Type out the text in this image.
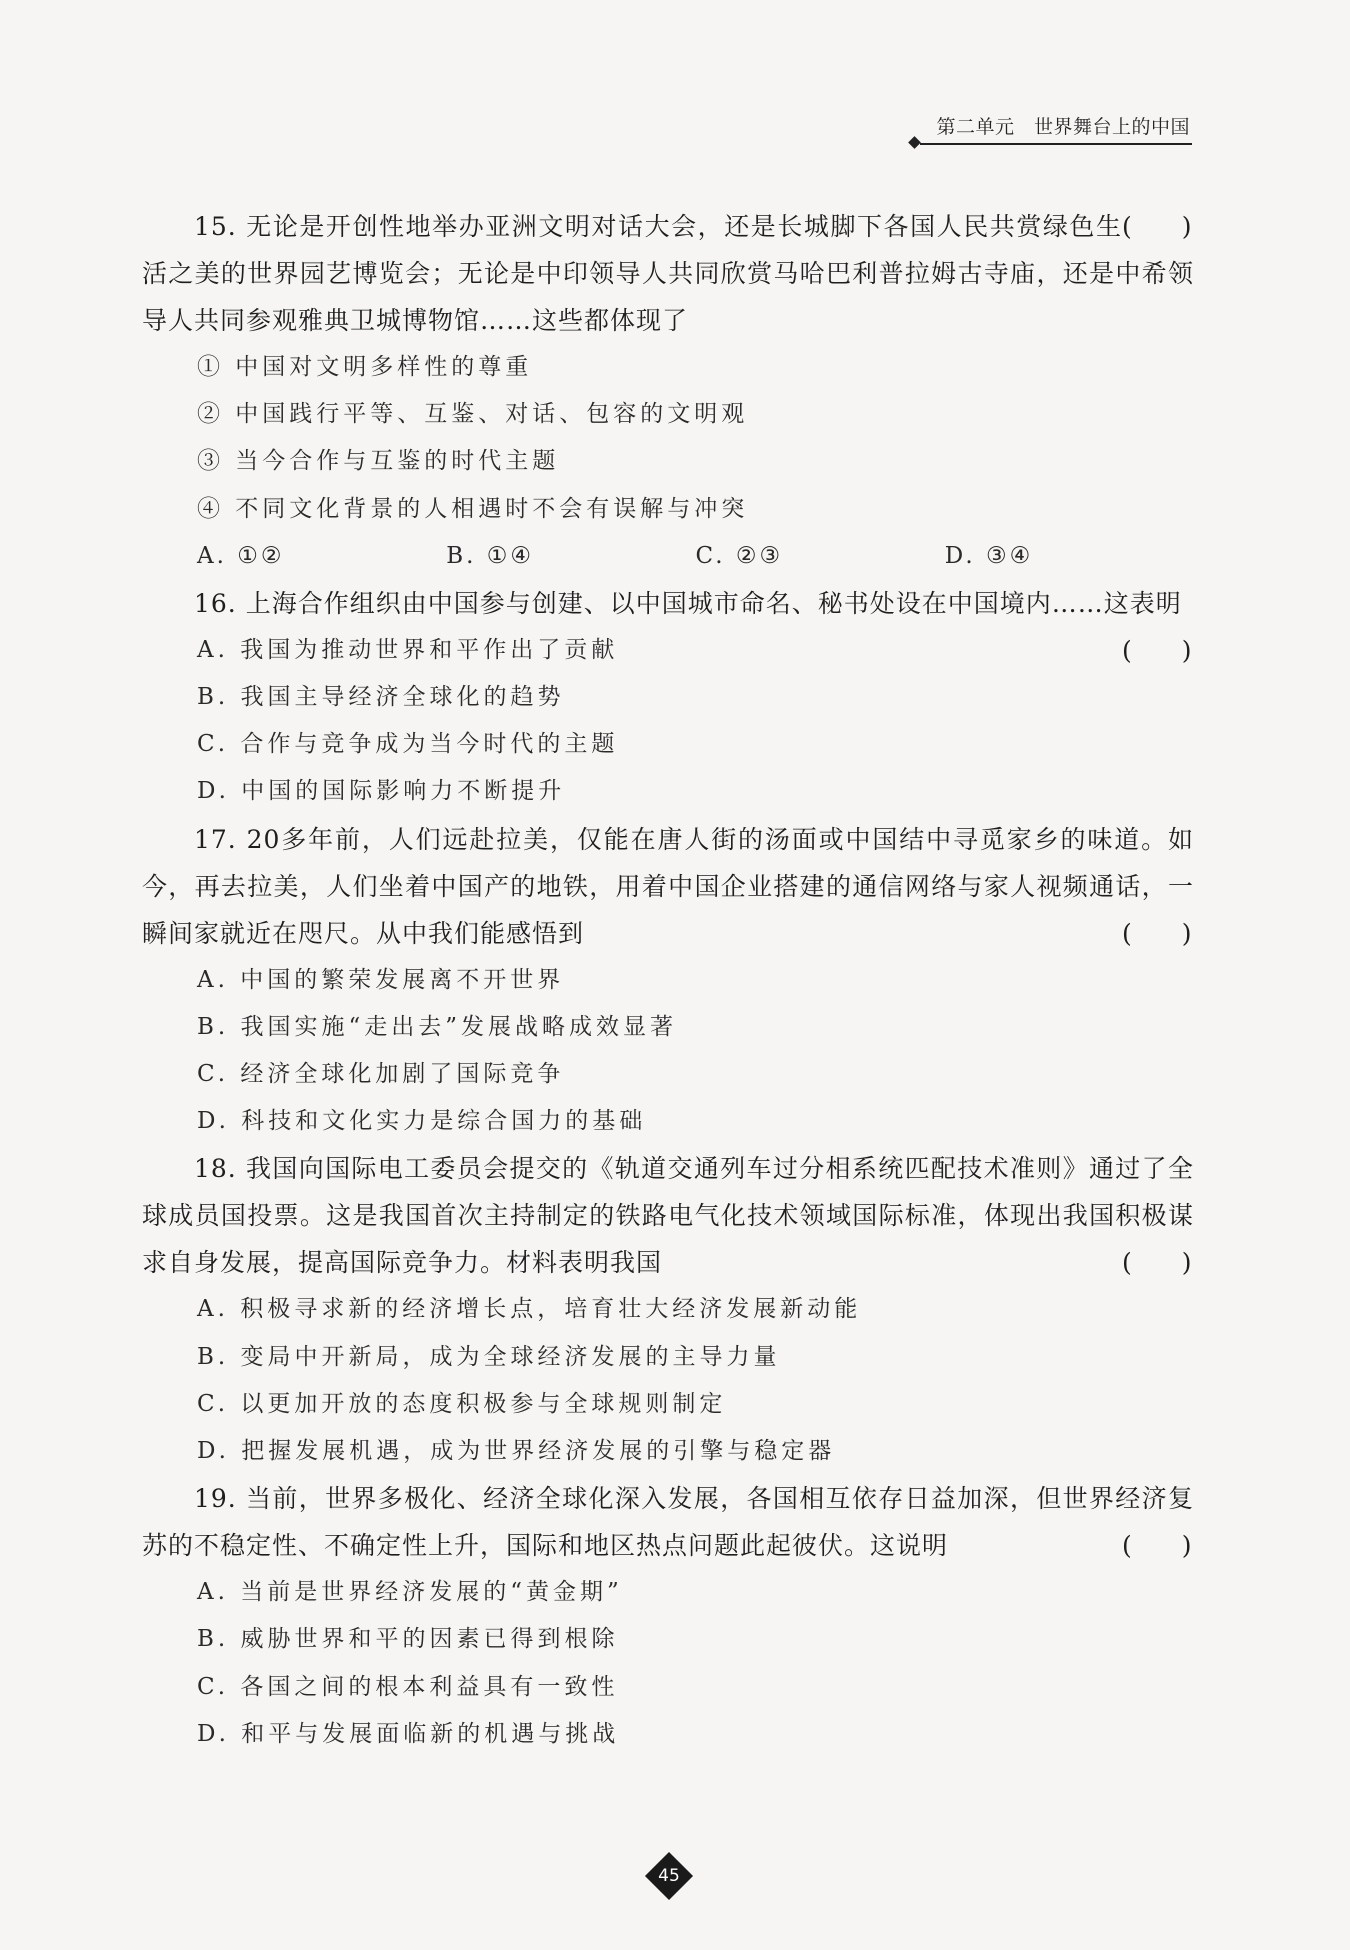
第二单元　世界舞台上的中国

(　　)
15. 无论是开创性地举办亚洲文明对话大会，还是长城脚下各国人民共赏绿色生活之美的世界园艺博览会；无论是中印领导人共同欣赏马哈巴利普拉姆古寺庙，还是中希领导人共同参观雅典卫城博物馆……这些都体现了

① 中国对文明多样性的尊重

② 中国践行平等、互鉴、对话、包容的文明观

③ 当今合作与互鉴的时代主题

④ 不同文化背景的人相遇时不会有误解与冲突

A. ①②	B. ①④	C. ②③	D. ③④

16. 上海合作组织由中国参与创建、以中国城市命名、秘书处设在中国境内……这表明
(　　)

A. 我国为推动世界和平作出了贡献

B. 我国主导经济全球化的趋势

C. 合作与竞争成为当今时代的主题

D. 中国的国际影响力不断提升

17. 20多年前，人们远赴拉美，仅能在唐人街的汤面或中国结中寻觅家乡的味道。如今，再去拉美，人们坐着中国产的地铁，用着中国企业搭建的通信网络与家人视频通话，一瞬间家就近在咫尺。从中我们能感悟到	(　　)

A. 中国的繁荣发展离不开世界

B. 我国实施“走出去”发展战略成效显著

C. 经济全球化加剧了国际竞争

D. 科技和文化实力是综合国力的基础

18. 我国向国际电工委员会提交的《轨道交通列车过分相系统匹配技术准则》通过了全球成员国投票。这是我国首次主持制定的铁路电气化技术领域国际标准，体现出我国积极谋求自身发展，提高国际竞争力。材料表明我国	(　　)

A. 积极寻求新的经济增长点，培育壮大经济发展新动能

B. 变局中开新局，成为全球经济发展的主导力量

C. 以更加开放的态度积极参与全球规则制定

D. 把握发展机遇，成为世界经济发展的引擎与稳定器

19. 当前，世界多极化、经济全球化深入发展，各国相互依存日益加深，但世界经济复苏的不稳定性、不确定性上升，国际和地区热点问题此起彼伏。这说明	(　　)

A. 当前是世界经济发展的“黄金期”

B. 威胁世界和平的因素已得到根除

C. 各国之间的根本利益具有一致性

D. 和平与发展面临新的机遇与挑战

45
